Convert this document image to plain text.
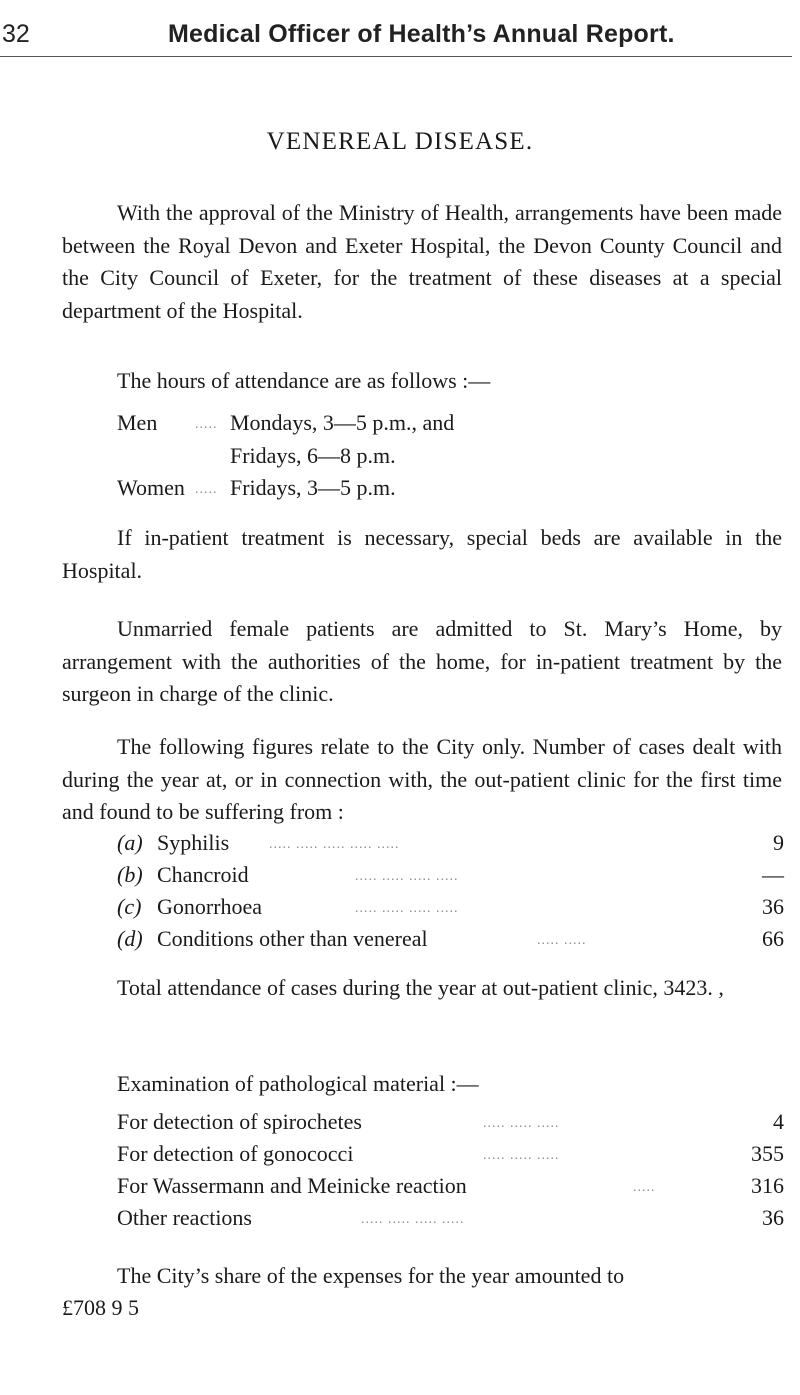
32	Medical Officer of Health’s Annual Report.
VENEREAL DISEASE.
With the approval of the Ministry of Health, arrangements have been made between the Royal Devon and Exeter Hospital, the Devon County Council and the City Council of Exeter, for the treatment of these diseases at a special department of the Hospital.
The hours of attendance are as follows :—
Men	..... Mondays, 3—5 p.m., and
Fridays, 6—8 p.m.
Women ..... Fridays, 3—5 p.m.
If in-patient treatment is necessary, special beds are available in the Hospital.
Unmarried female patients are admitted to St. Mary’s Home, by arrangement with the authorities of the home, for in-patient treatment by the surgeon in charge of the clinic.
The following figures relate to the City only. Number of cases dealt with during the year at, or in connection with, the out-patient clinic for the first time and found to be suffering from :
(a) Syphilis	..... ..... ..... ..... .....	9
(b) Chancroid	..... ..... ..... .....	—
(c) Gonorrhoea	..... ..... ..... .....	36
(d) Conditions other than venereal	..... .....	66
Total attendance of cases during the year at out-patient clinic, 3423. ,
Examination of pathological material :—
For detection of spirochetes	..... ..... .....	4
For detection of gonococci	..... ..... .....	355
For Wassermann and Meinicke reaction	.....	316
Other reactions	..... ..... ..... .....	36
The City’s share of the expenses for the year amounted to
£708 9 5
